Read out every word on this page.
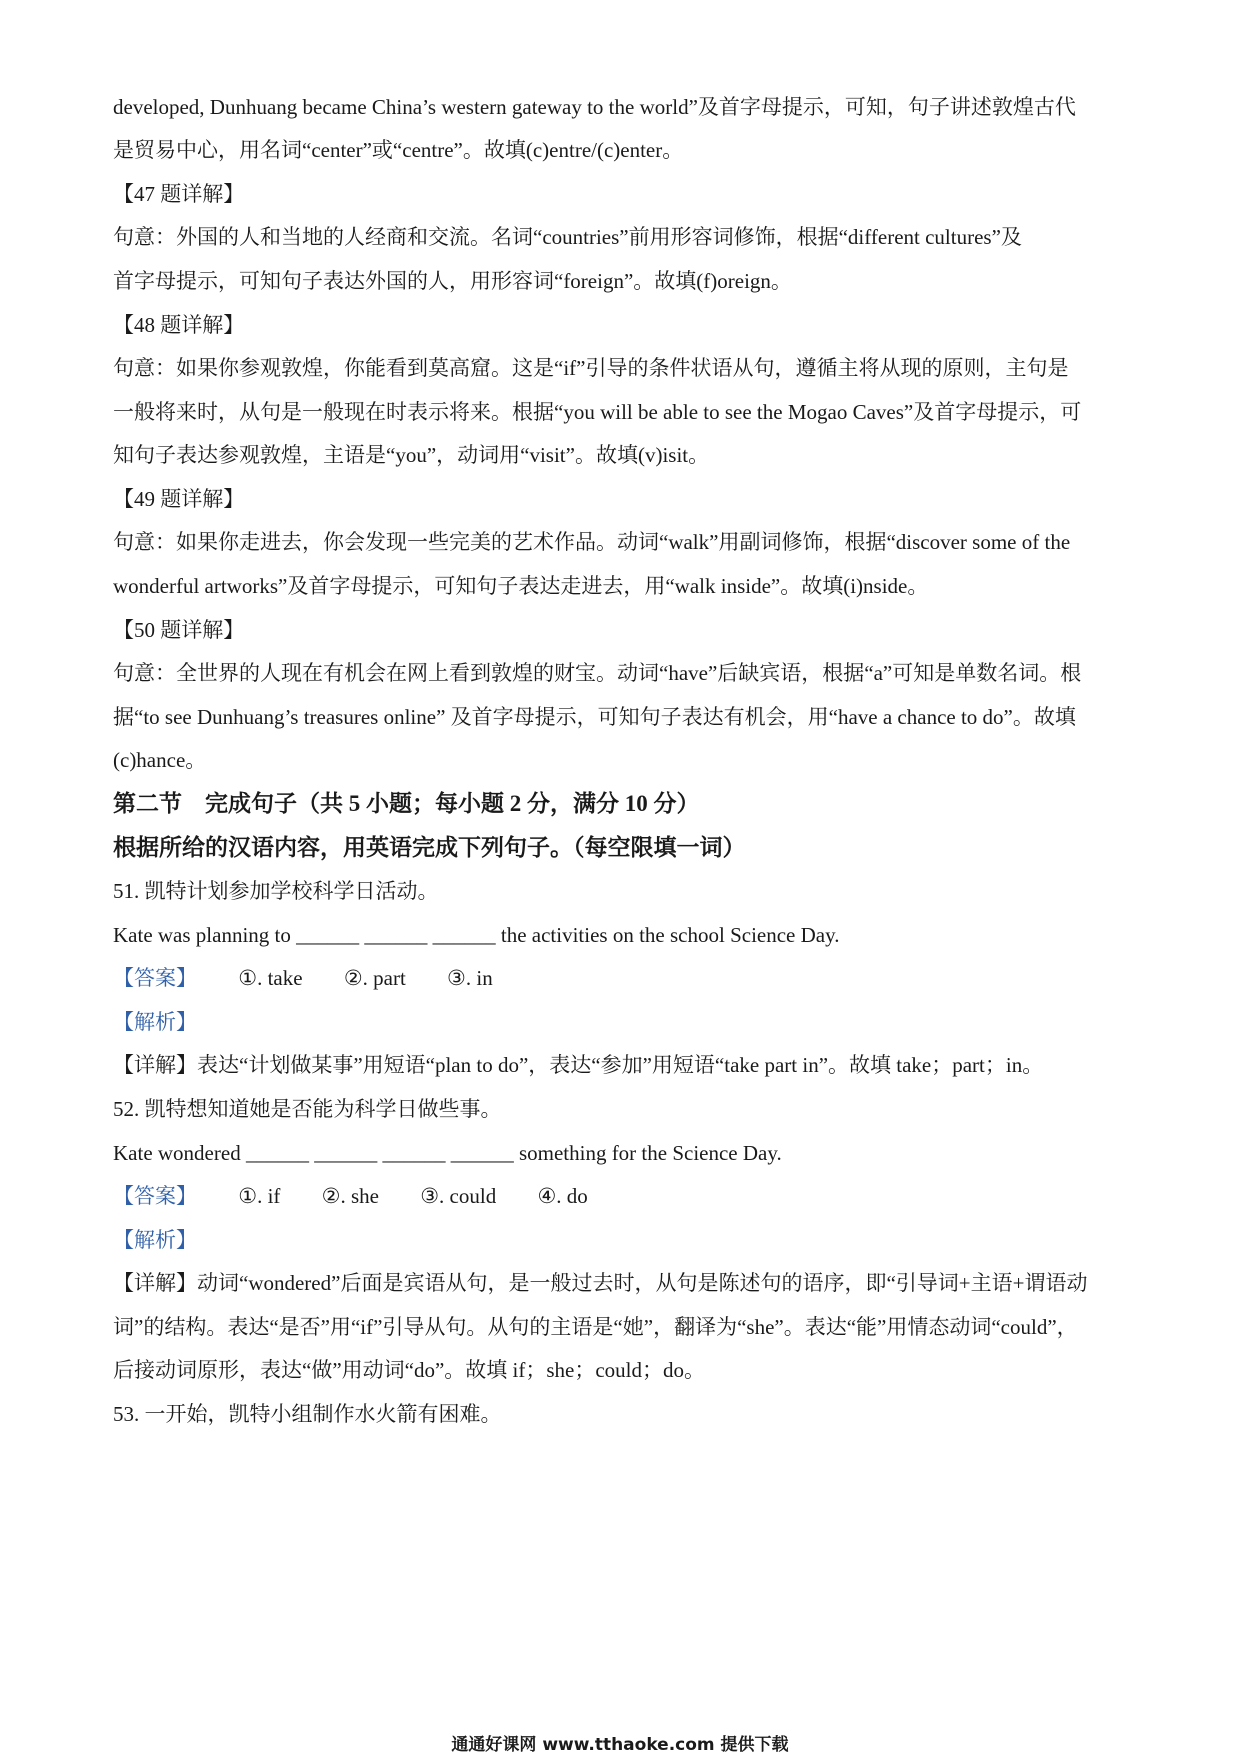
developed, Dunhuang became China’s western gateway to the world”及首字母提示，可知，句子讲述敦煌古代
是贸易中心，用名词“center”或“centre”。故填(c)entre/(c)enter。
【47 题详解】
句意：外国的人和当地的人经商和交流。名词“countries”前用形容词修饰，根据“different cultures”及
首字母提示，可知句子表达外国的人，用形容词“foreign”。故填(f)oreign。
【48 题详解】
句意：如果你参观敦煌，你能看到莫高窟。这是“if”引导的条件状语从句，遵循主将从现的原则，主句是
一般将来时，从句是一般现在时表示将来。根据“you will be able to see the Mogao Caves”及首字母提示，可
知句子表达参观敦煌，主语是“you”，动词用“visit”。故填(v)isit。
【49 题详解】
句意：如果你走进去，你会发现一些完美的艺术作品。动词“walk”用副词修饰，根据“discover some of the
wonderful artworks”及首字母提示，可知句子表达走进去，用“walk inside”。故填(i)nside。
【50 题详解】
句意：全世界的人现在有机会在网上看到敦煌的财宝。动词“have”后缺宾语，根据“a”可知是单数名词。根
据“to see Dunhuang’s treasures online” 及首字母提示，可知句子表达有机会，用“have a chance to do”。故填
(c)hance。
第二节　完成句子（共 5 小题；每小题 2 分，满分 10 分）
根据所给的汉语内容，用英语完成下列句子。（每空限填一词）
51. 凯特计划参加学校科学日活动。
Kate was planning to ______ ______ ______ the activities on the school Science Day.
【答案】 ①. take ②. part ③. in
【解析】
【详解】表达“计划做某事”用短语“plan to do”，表达“参加”用短语“take part in”。故填 take；part；in。
52. 凯特想知道她是否能为科学日做些事。
Kate wondered ______ ______ ______ ______ something for the Science Day.
【答案】 ①. if ②. she ③. could ④. do
【解析】
【详解】动词“wondered”后面是宾语从句，是一般过去时，从句是陈述句的语序，即“引导词+主语+谓语动
词”的结构。表达“是否”用“if”引导从句。从句的主语是“她”，翻译为“she”。表达“能”用情态动词“could”，
后接动词原形，表达“做”用动词“do”。故填 if；she；could；do。
53. 一开始，凯特小组制作水火箭有困难。
通通好课网 www.tthaoke.com 提供下载
